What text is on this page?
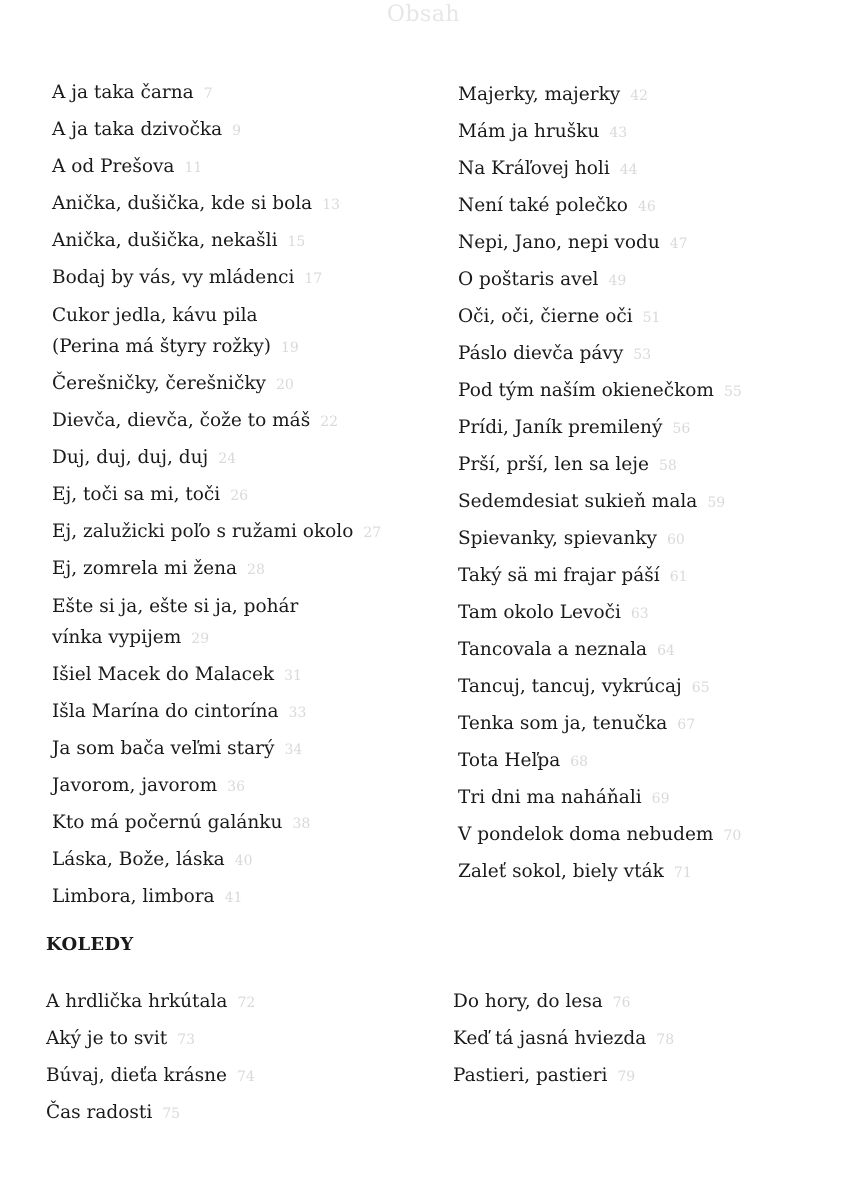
Obsah
A ja taka čarna 7
A ja taka dzivočka 9
A od Prešova 11
Anička, dušička, kde si bola 13
Anička, dušička, nekašli 15
Bodaj by vás, vy mládenci 17
Cukor jedla, kávu pila
(Perina má štyry rožky) 19
Čerešničky, čerešničky 20
Dievča, dievča, čože to máš 22
Duj, duj, duj, duj 24
Ej, toči sa mi, toči 26
Ej, zalužicki poľo s ružami okolo 27
Ej, zomrela mi žena 28
Ešte si ja, ešte si ja, pohár
vínka vypijem 29
Išiel Macek do Malacek 31
Išla Marína do cintorína 33
Ja som bača veľmi starý 34
Javorom, javorom 36
Kto má počernú galánku 38
Láska, Bože, láska 40
Limbora, limbora 41
Majerky, majerky 42
Mám ja hrušku 43
Na Kráľovej holi 44
Není také polečko 46
Nepi, Jano, nepi vodu 47
O poštaris avel 49
Oči, oči, čierne oči 51
Páslo dievča pávy 53
Pod tým naším okienečkom 55
Prídi, Janík premilený 56
Prší, prší, len sa leje 58
Sedemdesiat sukieň mala 59
Spievanky, spievanky 60
Taký sä mi frajar páší 61
Tam okolo Levoči 63
Tancovala a neznala 64
Tancuj, tancuj, vykrúcaj 65
Tenka som ja, tenučka 67
Tota Heľpa 68
Tri dni ma naháňali 69
V pondelok doma nebudem 70
Zaleť sokol, biely vták 71
KOLEDY
A hrdlička hrkútala 72
Aký je to svit 73
Búvaj, dieťa krásne 74
Čas radosti 75
Do hory, do lesa 76
Keď tá jasná hviezda 78
Pastieri, pastieri 79
